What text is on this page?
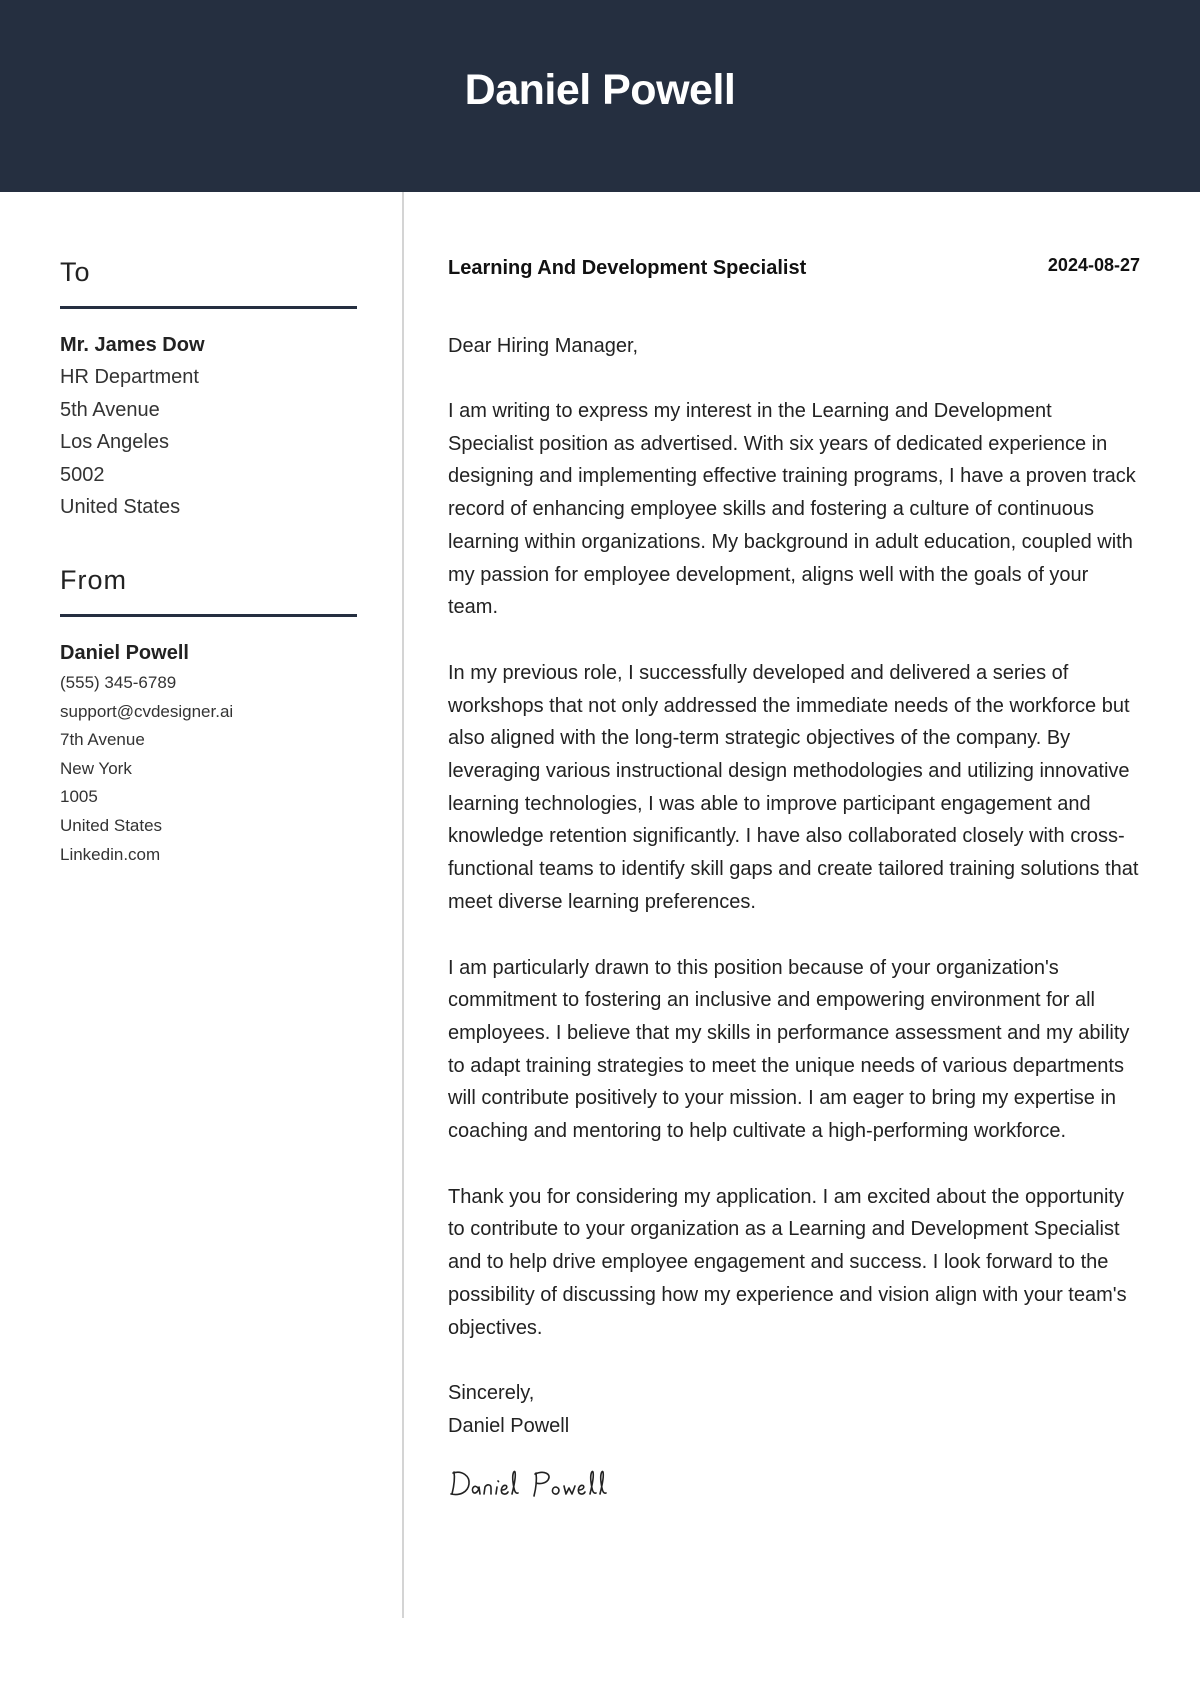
Daniel Powell
To
Mr. James Dow
HR Department
5th Avenue
Los Angeles
5002
United States
From
Daniel Powell
(555) 345-6789
support@cvdesigner.ai
7th Avenue
New York
1005
United States
Linkedin.com
Learning And Development Specialist	2024-08-27
Dear Hiring Manager,

I am writing to express my interest in the Learning and Development Specialist position as advertised. With six years of dedicated experience in designing and implementing effective training programs, I have a proven track record of enhancing employee skills and fostering a culture of continuous learning within organizations. My background in adult education, coupled with my passion for employee development, aligns well with the goals of your team.

In my previous role, I successfully developed and delivered a series of workshops that not only addressed the immediate needs of the workforce but also aligned with the long-term strategic objectives of the company. By leveraging various instructional design methodologies and utilizing innovative learning technologies, I was able to improve participant engagement and knowledge retention significantly. I have also collaborated closely with cross-functional teams to identify skill gaps and create tailored training solutions that meet diverse learning preferences.

I am particularly drawn to this position because of your organization's commitment to fostering an inclusive and empowering environment for all employees. I believe that my skills in performance assessment and my ability to adapt training strategies to meet the unique needs of various departments will contribute positively to your mission. I am eager to bring my expertise in coaching and mentoring to help cultivate a high-performing workforce.

Thank you for considering my application. I am excited about the opportunity to contribute to your organization as a Learning and Development Specialist and to help drive employee engagement and success. I look forward to the possibility of discussing how my experience and vision align with your team's objectives.

Sincerely,
Daniel Powell
